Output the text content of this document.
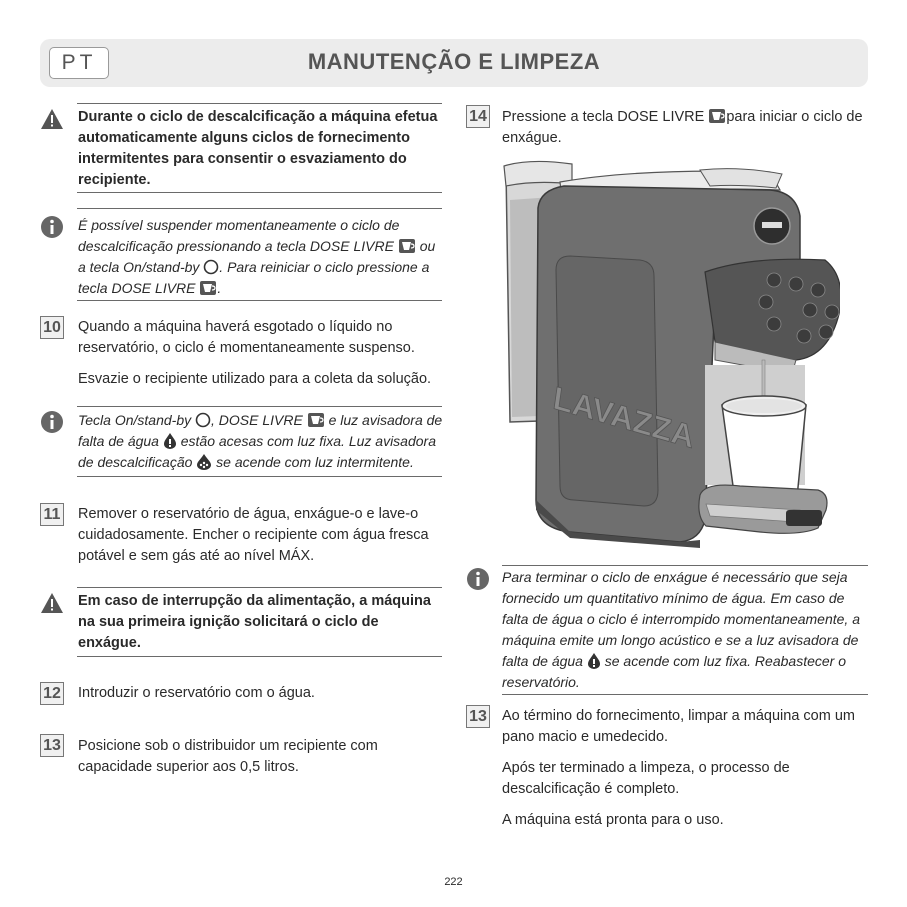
PT	MANUTENÇÃO E LIMPEZA

Durante o ciclo de descalcificação a máquina efetua automaticamente alguns ciclos de fornecimento intermitentes para consentir o esvaziamento do recipiente.

É possível suspender momentaneamente o ciclo de descalcificação pressionando a tecla DOSE LIVRE  ou a tecla On/stand-by . Para reiniciar o ciclo pressione a tecla DOSE LIVRE .

10 Quando a máquina haverá esgotado o líquido no reservatório, o ciclo é momentaneamente suspenso.

Esvazie o recipiente utilizado para a coleta da solução.

Tecla On/stand-by , DOSE LIVRE  e luz avisadora de falta de água  estão acesas com luz fixa. Luz avisadora de descalcificação  se acende com luz intermitente.

11 Remover o reservatório de água, enxágue-o e lave-o cuidadosamente. Encher o recipiente com água fresca potável e sem gás até ao nível MÁX.

Em caso de interrupção da alimentação, a máquina na sua primeira ignição solicitará o ciclo de enxágue.

12 Introduzir o reservatório com o água.

13 Posicione sob o distribuidor um recipiente com capacidade superior aos 0,5 litros.

14 Pressione a tecla DOSE LIVRE para iniciar o ciclo de enxágue.

LAVAZZA

Para terminar o ciclo de enxágue é necessário que seja fornecido um quantitativo mínimo de água. Em caso de falta de água o ciclo é interrompido momentaneamente, a máquina emite um longo acústico e se a luz avisadora de falta de água  se acende com luz fixa. Reabastecer o reservatório.

13 Ao término do fornecimento, limpar a máquina com um pano macio e umedecido.

Após ter terminado a limpeza, o processo de descalcificação é completo.

A máquina está pronta para o uso.

222
